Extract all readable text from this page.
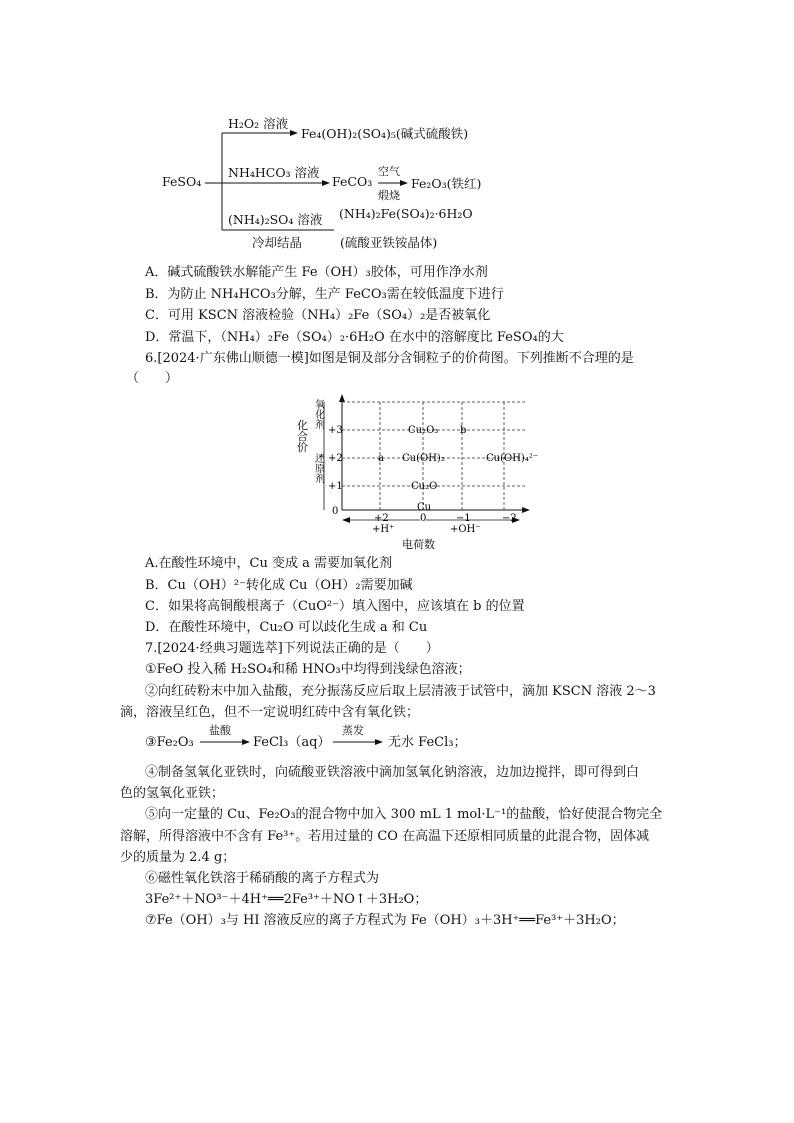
FeSO₄
H₂O₂ 溶液
Fe₄(OH)₂(SO₄)₅(碱式硫酸铁)
NH₄HCO₃ 溶液
FeCO₃
空气
煅烧
Fe₂O₃(铁红)
(NH₄)₂SO₄ 溶液
冷却结晶
(NH₄)₂Fe(SO₄)₂·6H₂O
(硫酸亚铁铵晶体)
A．碱式硫酸铁水解能产生 Fe（OH）₃胶体，可用作净水剂
B．为防止 NH₄HCO₃分解，生产 FeCO₃需在较低温度下进行
C．可用 KSCN 溶液检验（NH₄）₂Fe（SO₄）₂是否被氧化
D．常温下，（NH₄）₂Fe（SO₄）₂·6H₂O 在水中的溶解度比 FeSO₄的大
6.[2024·广东佛山顺德一模]如图是铜及部分含铜粒子的价荷图。下列推断不合理的是
（　　）
氧化剂
还原剂
化合价 +3
+2
+1
0
+2	0	−1	−2
+H⁺	+OH⁻
电荷数
Cu₂O₃ b
a Cu(OH)₂	Cu(OH)₄²⁻
Cu₂O
Cu
A.在酸性环境中，Cu 变成 a 需要加氧化剂
B．Cu（OH）²⁻转化成 Cu（OH）₂需要加碱
C．如果将高铜酸根离子（CuO²⁻）填入图中，应该填在 b 的位置
D．在酸性环境中，Cu₂O 可以歧化生成 a 和 Cu
7.[2024·经典习题选萃]下列说法正确的是（　　）
①FeO 投入稀 H₂SO₄和稀 HNO₃中均得到浅绿色溶液；
②向红砖粉末中加入盐酸，充分振荡反应后取上层清液于试管中，滴加 KSCN 溶液 2～3
滴，溶液呈红色，但不一定说明红砖中含有氧化铁；
③Fe₂O₃
盐酸
FeCl₃（aq）
蒸发
无水 FeCl₃；
④制备氢氧化亚铁时，向硫酸亚铁溶液中滴加氢氧化钠溶液，边加边搅拌，即可得到白
色的氢氧化亚铁；
⑤向一定量的 Cu、Fe₂O₃的混合物中加入 300 mL 1 mol·L⁻¹的盐酸，恰好使混合物完全
溶解，所得溶液中不含有 Fe³⁺。若用过量的 CO 在高温下还原相同质量的此混合物，固体减
少的质量为 2.4 g；
⑥磁性氧化铁溶于稀硝酸的离子方程式为
3Fe²⁺＋NO³⁻＋4H⁺══2Fe³⁺＋NO↑＋3H₂O；
⑦Fe（OH）₃与 HI 溶液反应的离子方程式为 Fe（OH）₃＋3H⁺══Fe³⁺＋3H₂O；
